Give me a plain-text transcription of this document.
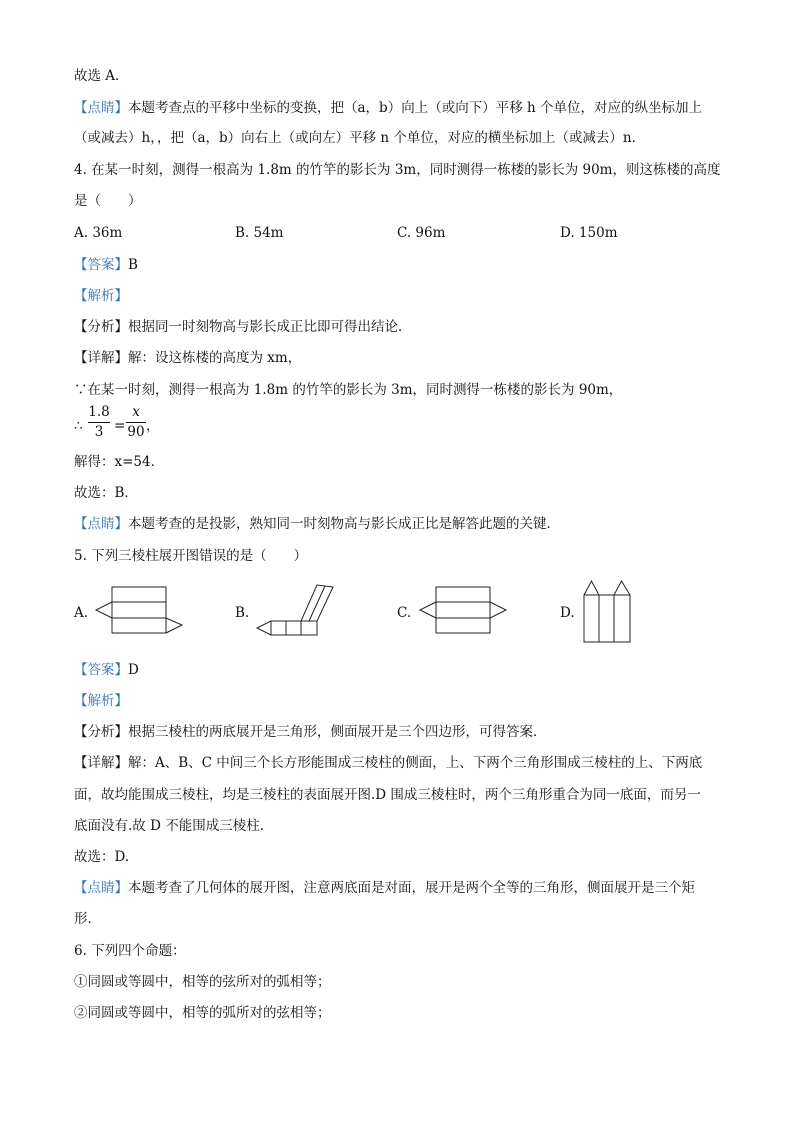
故选 A．
【点睛】本题考查点的平移中坐标的变换，把（a，b）向上（或向下）平移 h 个单位，对应的纵坐标加上
（或减去）h，，把（a，b）向右上（或向左）平移 n 个单位，对应的横坐标加上（或减去）n．
4. 在某一时刻，测得一根高为 1.8m 的竹竿的影长为 3m，同时测得一栋楼的影长为 90m，则这栋楼的高度
是（　　）
A. 36m	B. 54m	C. 96m	D. 150m
【答案】B
【解析】
【分析】根据同一时刻物高与影长成正比即可得出结论．
【详解】解：设这栋楼的高度为 xm，
∵在某一时刻，测得一根高为 1.8m 的竹竿的影长为 3m，同时测得一栋楼的影长为 90m，
∴
1.8
3 =
x
90 ，
解得：x=54．
故选：B．
【点睛】本题考查的是投影，熟知同一时刻物高与影长成正比是解答此题的关键．
5. 下列三棱柱展开图错误的是（　　）
A.	B.	C.	D.
【答案】D
【解析】
【分析】根据三棱柱的两底展开是三角形，侧面展开是三个四边形，可得答案．
【详解】解：A、B、C 中间三个长方形能围成三棱柱的侧面，上、下两个三角形围成三棱柱的上、下两底
面，故均能围成三棱柱，均是三棱柱的表面展开图.D 围成三棱柱时，两个三角形重合为同一底面，而另一
底面没有.故 D 不能围成三棱柱.
故选：D.
【点睛】本题考查了几何体的展开图，注意两底面是对面，展开是两个全等的三角形，侧面展开是三个矩
形．
6. 下列四个命题：
①同圆或等圆中，相等的弦所对的弧相等；
②同圆或等圆中，相等的弧所对的弦相等；
